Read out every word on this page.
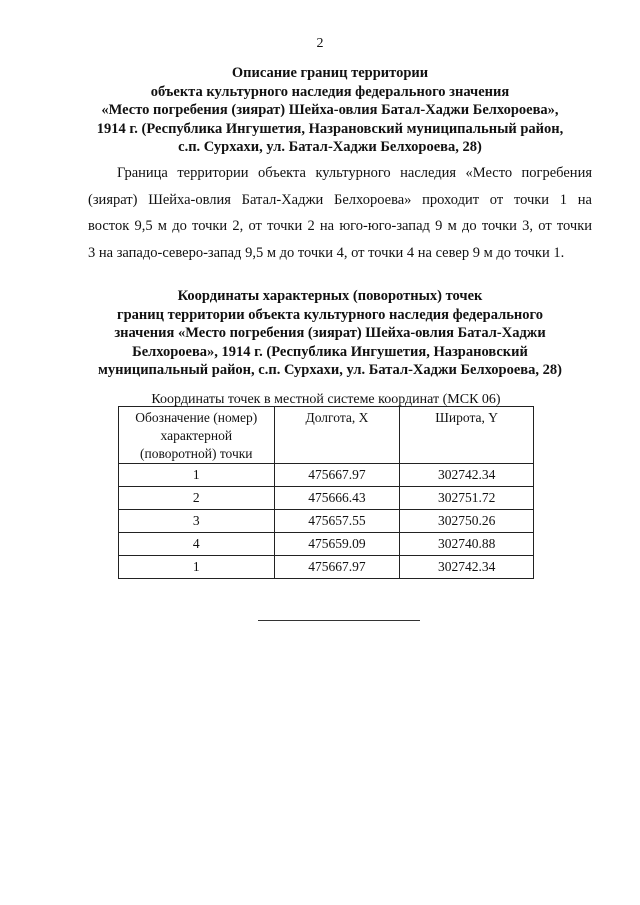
2
Описание границ территории
объекта культурного наследия федерального значения
«Место погребения (зиярат) Шейха-овлия Батал-Хаджи Белхороева»,
1914 г. (Республика Ингушетия, Назрановский муниципальный район,
с.п. Сурхахи, ул. Батал-Хаджи Белхороева, 28)
Граница территории объекта культурного наследия «Место погребения
(зиярат) Шейха-овлия Батал-Хаджи Белхороева» проходит от точки 1 на
восток 9,5 м до точки 2, от точки 2 на юго-юго-запад 9 м до точки 3, от точки
3 на западо-северо-запад 9,5 м до точки 4, от точки 4 на север 9 м до точки 1.
Координаты характерных (поворотных) точек
границ территории объекта культурного наследия федерального
значения «Место погребения (зиярат) Шейха-овлия Батал-Хаджи
Белхороева», 1914 г. (Республика Ингушетия, Назрановский
муниципальный район, с.п. Сурхахи, ул. Батал-Хаджи Белхороева, 28)
Координаты точек в местной системе координат (МСК 06)
Обозначение (номер)
характерной
(поворотной) точки	Долгота, X	Широта, Y
1	475667.97	302742.34
2	475666.43	302751.72
3	475657.55	302750.26
4	475659.09	302740.88
1	475667.97	302742.34
